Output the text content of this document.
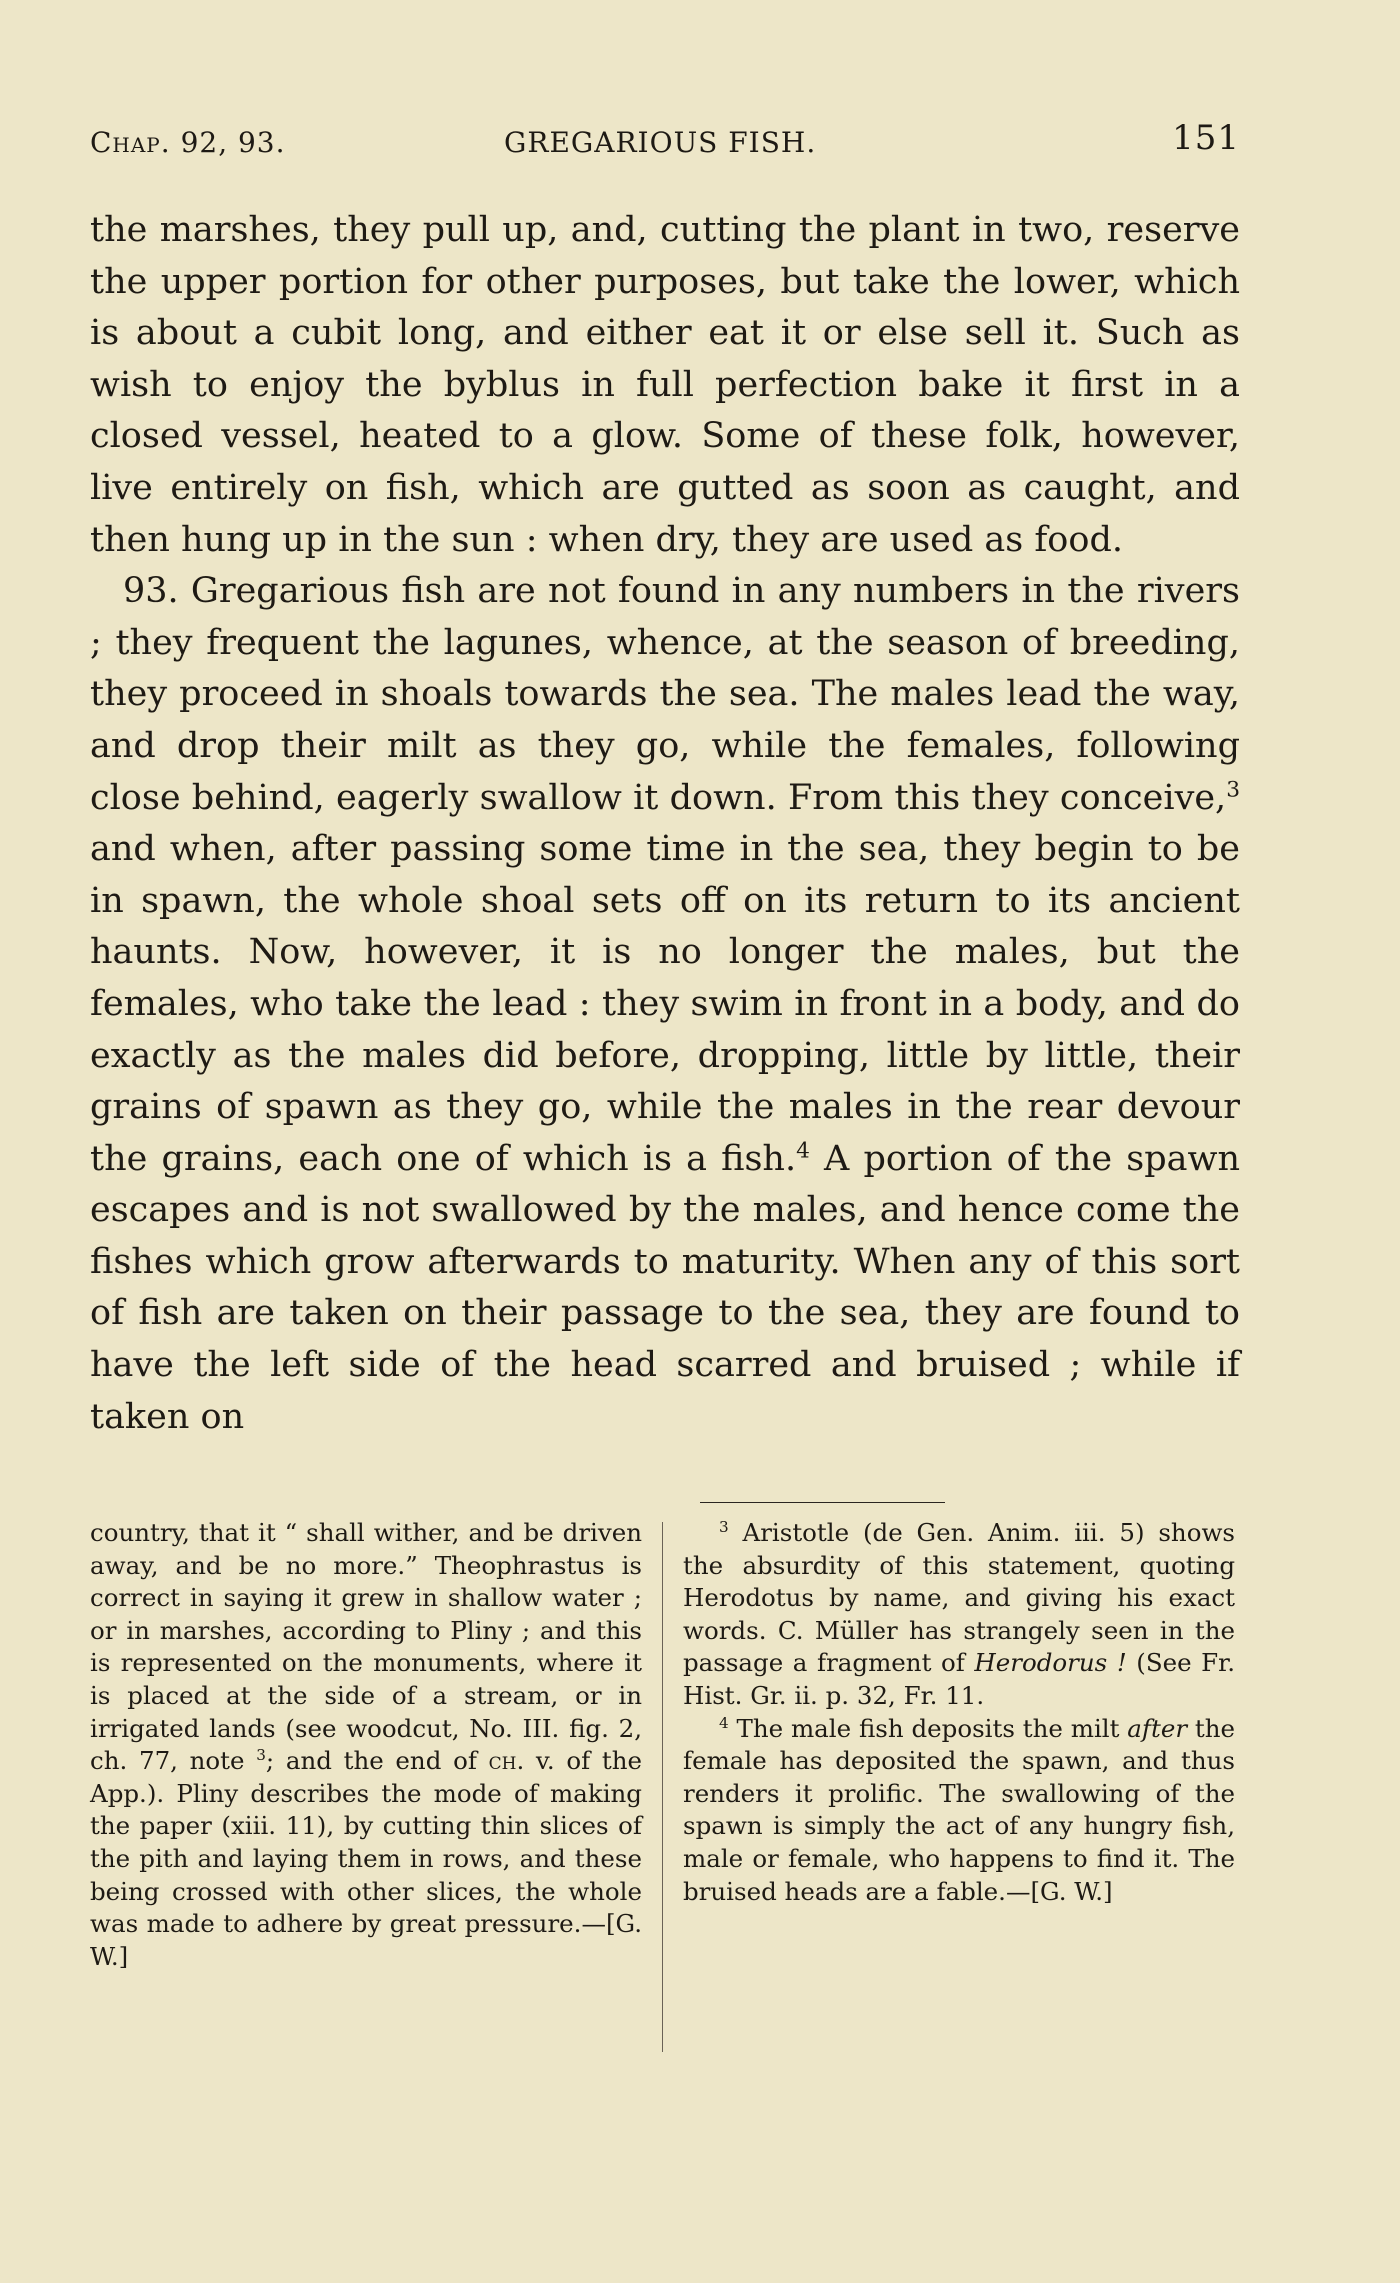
Chap. 92, 93.	GREGARIOUS FISH.	151

the marshes, they pull up, and, cutting the plant in two, reserve the upper portion for other purposes, but take the lower, which is about a cubit long, and either eat it or else sell it. Such as wish to enjoy the byblus in full perfection bake it first in a closed vessel, heated to a glow. Some of these folk, however, live entirely on fish, which are gutted as soon as caught, and then hung up in the sun : when dry, they are used as food.

93. Gregarious fish are not found in any numbers in the rivers ; they frequent the lagunes, whence, at the season of breeding, they proceed in shoals towards the sea. The males lead the way, and drop their milt as they go, while the females, following close behind, eagerly swallow it down. From this they conceive,$^3$ and when, after passing some time in the sea, they begin to be in spawn, the whole shoal sets off on its return to its ancient haunts. Now, however, it is no longer the males, but the females, who take the lead : they swim in front in a body, and do exactly as the males did before, dropping, little by little, their grains of spawn as they go, while the males in the rear devour the grains, each one of which is a fish.$^4$ A portion of the spawn escapes and is not swallowed by the males, and hence come the fishes which grow afterwards to maturity. When any of this sort of fish are taken on their passage to the sea, they are found to have the left side of the head scarred and bruised ; while if taken on

country, that it “ shall wither, and be driven away, and be no more.” Theophrastus is correct in saying it grew in shallow water ; or in marshes, according to Pliny ; and this is represented on the monuments, where it is placed at the side of a stream, or in irrigated lands (see woodcut, No. III. fig. 2, ch. 77, note $^3$; and the end of ch. v. of the App.). Pliny describes the mode of making the paper (xiii. 11), by cutting thin slices of the pith and laying them in rows, and these being crossed with other slices, the whole was made to adhere by great pressure.—[G. W.]

$^3$ Aristotle (de Gen. Anim. iii. 5) shows the absurdity of this statement, quoting Herodotus by name, and giving his exact words. C. Müller has strangely seen in the passage a fragment of Herodorus ! (See Fr. Hist. Gr. ii. p. 32, Fr. 11.

$^4$ The male fish deposits the milt after the female has deposited the spawn, and thus renders it prolific. The swallowing of the spawn is simply the act of any hungry fish, male or female, who happens to find it. The bruised heads are a fable.—[G. W.]
